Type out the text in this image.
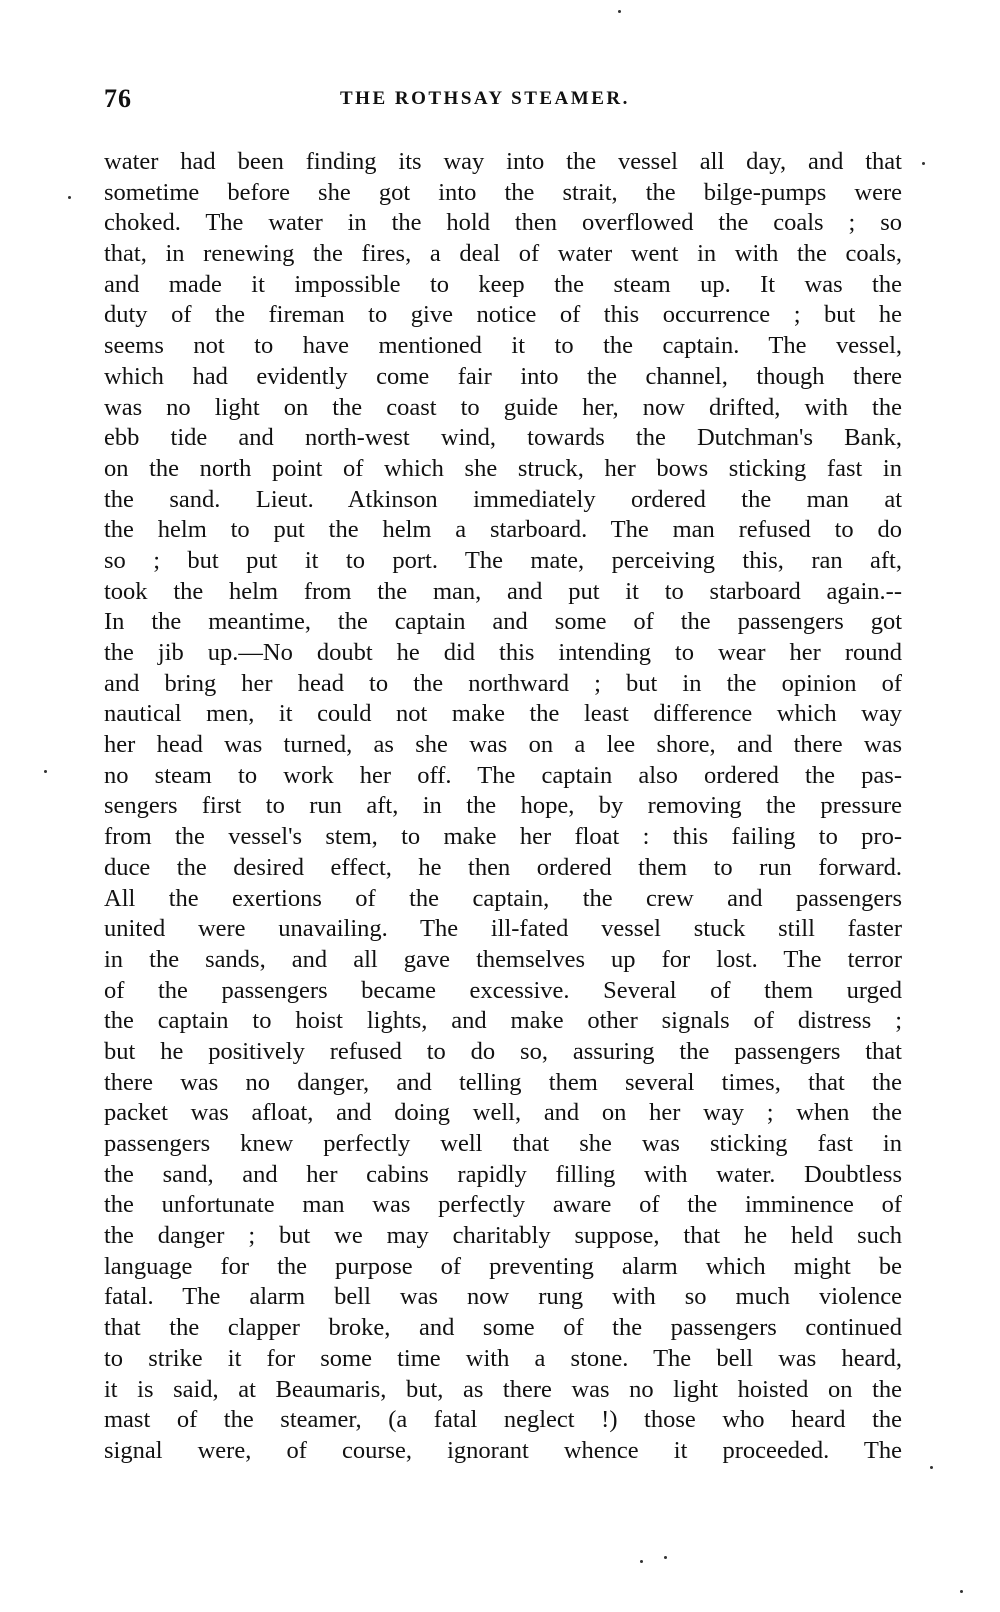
76	THE ROTHSAY STEAMER.
water had been finding its way into the vessel all day, and that
sometime before she got into the strait, the bilge-pumps were
choked. The water in the hold then overflowed the coals ; so
that, in renewing the fires, a deal of water went in with the coals,
and made it impossible to keep the steam up. It was the
duty of the fireman to give notice of this occurrence ; but he
seems not to have mentioned it to the captain. The vessel,
which had evidently come fair into the channel, though there
was no light on the coast to guide her, now drifted, with the
ebb tide and north-west wind, towards the Dutchman's Bank,
on the north point of which she struck, her bows sticking fast in
the sand. Lieut. Atkinson immediately ordered the man at
the helm to put the helm a starboard. The man refused to do
so ; but put it to port. The mate, perceiving this, ran aft,
took the helm from the man, and put it to starboard again.--
In the meantime, the captain and some of the passengers got
the jib up.—No doubt he did this intending to wear her round
and bring her head to the northward ; but in the opinion of
nautical men, it could not make the least difference which way
her head was turned, as she was on a lee shore, and there was
no steam to work her off. The captain also ordered the pas-
sengers first to run aft, in the hope, by removing the pressure
from the vessel's stem, to make her float : this failing to pro-
duce the desired effect, he then ordered them to run forward.
All the exertions of the captain, the crew and passengers
united were unavailing. The ill-fated vessel stuck still faster
in the sands, and all gave themselves up for lost. The terror
of the passengers became excessive. Several of them urged
the captain to hoist lights, and make other signals of distress ;
but he positively refused to do so, assuring the passengers that
there was no danger, and telling them several times, that the
packet was afloat, and doing well, and on her way ; when the
passengers knew perfectly well that she was sticking fast in
the sand, and her cabins rapidly filling with water. Doubtless
the unfortunate man was perfectly aware of the imminence of
the danger ; but we may charitably suppose, that he held such
language for the purpose of preventing alarm which might be
fatal. The alarm bell was now rung with so much violence
that the clapper broke, and some of the passengers continued
to strike it for some time with a stone. The bell was heard,
it is said, at Beaumaris, but, as there was no light hoisted on the
mast of the steamer, (a fatal neglect !) those who heard the
signal were, of course, ignorant whence it proceeded. The
